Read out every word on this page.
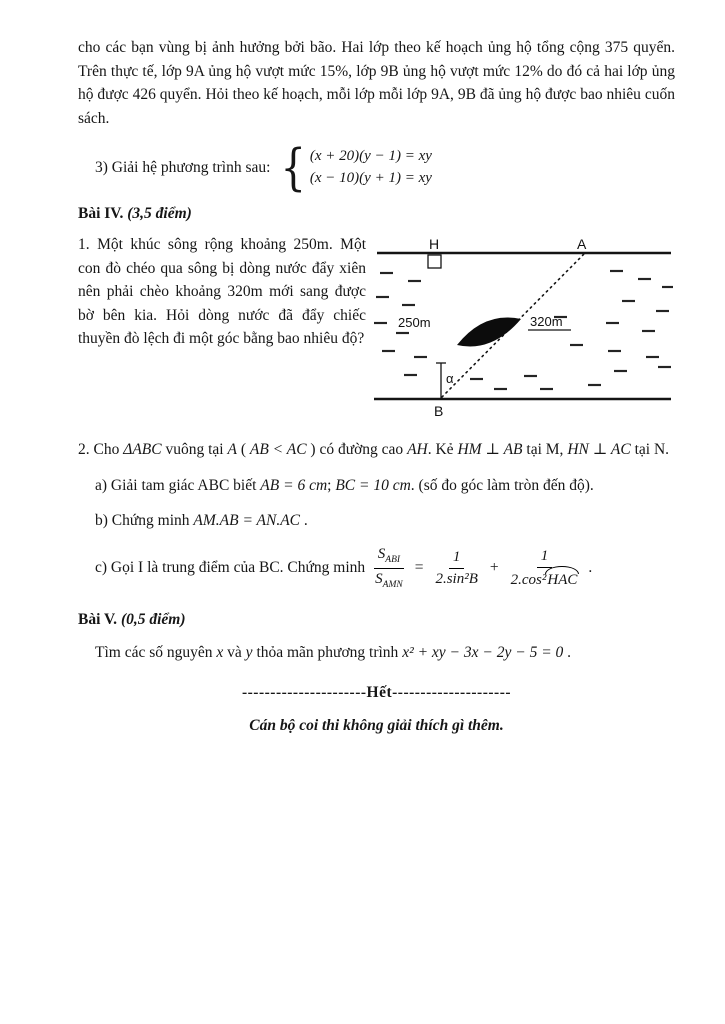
cho các bạn vùng bị ảnh hưởng bởi bão. Hai lớp theo kế hoạch ủng hộ tổng cộng 375 quyển. Trên thực tế, lớp 9A ủng hộ vượt mức 15%, lớp 9B ủng hộ vượt mức 12% do đó cả hai lớp ủng hộ được 426 quyển. Hỏi theo kế hoạch, mỗi lớp mỗi lớp 9A, 9B đã ủng hộ được bao nhiêu cuốn sách.

3) Giải hệ phương trình sau: { (x + 20)(y − 1) = xy
(x − 10)(y + 1) = xy

Bài IV. (3,5 điểm)

1. Một khúc sông rộng khoảng 250m. Một con đò chéo qua sông bị dòng nước đẩy xiên nên phải chèo khoảng 320m mới sang được bờ bên kia. Hỏi dòng nước đã đẩy chiếc thuyền đò lệch đi một góc bằng bao nhiêu độ?

H	A
B
250m	320m
α

2. Cho ΔABC vuông tại A ( AB < AC ) có đường cao AH. Kẻ HM ⊥ AB tại M, HN ⊥ AC tại N.

a) Giải tam giác ABC biết AB = 6 cm; BC = 10 cm. (số đo góc làm tròn đến độ).

b) Chứng minh AM.AB = AN.AC .

c) Gọi I là trung điểm của BC. Chứng minh $\frac{S_{ABI}}{S_{AMN}} = \frac{1}{\text{2.sin²B}} + \frac{1}{\text{2.cos²HAC}}$ .

Bài V. (0,5 điểm)

Tìm các số nguyên x và y thỏa mãn phương trình x² + xy − 3x − 2y − 5 = 0 .

----------------------Hết---------------------

Cán bộ coi thi không giải thích gì thêm.
